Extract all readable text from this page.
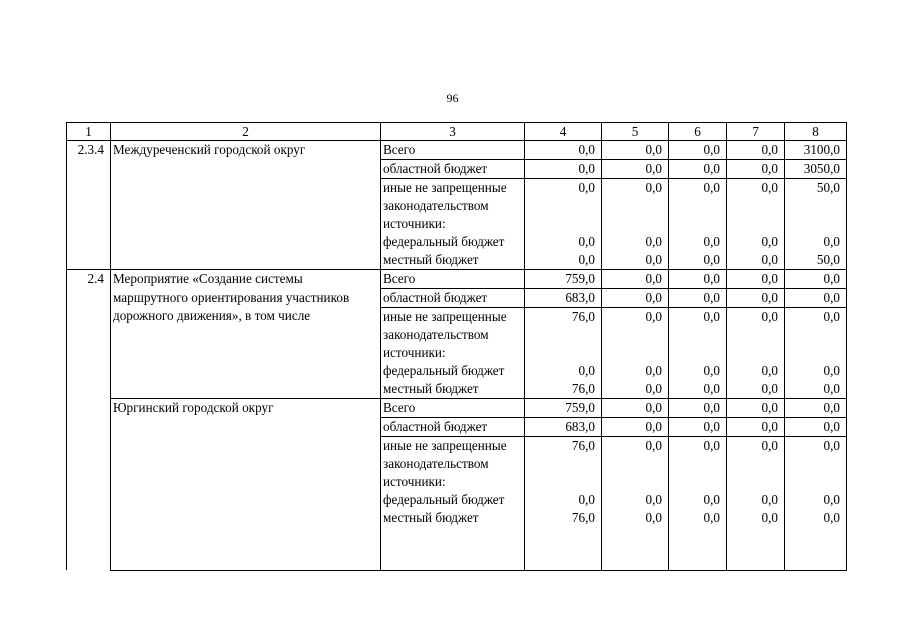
96
1	2	3	4	5	6	7	8
2.3.4	Междуреченский городской округ	Всего	0,0	0,0	0,0	0,0	3100,0
		областной бюджет	0,0	0,0	0,0	0,0	3050,0

		иные не запрещенные
законодательством
источники:	0,0	0,0	0,0	0,0	50,0
		федеральный бюджет	0,0	0,0	0,0	0,0	0,0
		местный бюджет	0,0	0,0	0,0	0,0	50,0
2.4	Мероприятие «Создание системы маршрутного ориентирования участников дорожного движения», в том числе	Всего	759,0	0,0	0,0	0,0	0,0
		областной бюджет	683,0	0,0	0,0	0,0	0,0

		иные не запрещенные
законодательством
источники:	76,0	0,0	0,0	0,0	0,0
		федеральный бюджет	0,0	0,0	0,0	0,0	0,0
		местный бюджет	76,0	0,0	0,0	0,0	0,0
	Юргинский городской округ	Всего	759,0	0,0	0,0	0,0	0,0
		областной бюджет	683,0	0,0	0,0	0,0	0,0

		иные не запрещенные
законодательством
источники:	76,0	0,0	0,0	0,0	0,0
		федеральный бюджет	0,0	0,0	0,0	0,0	0,0
		местный бюджет	76,0	0,0	0,0	0,0	0,0
